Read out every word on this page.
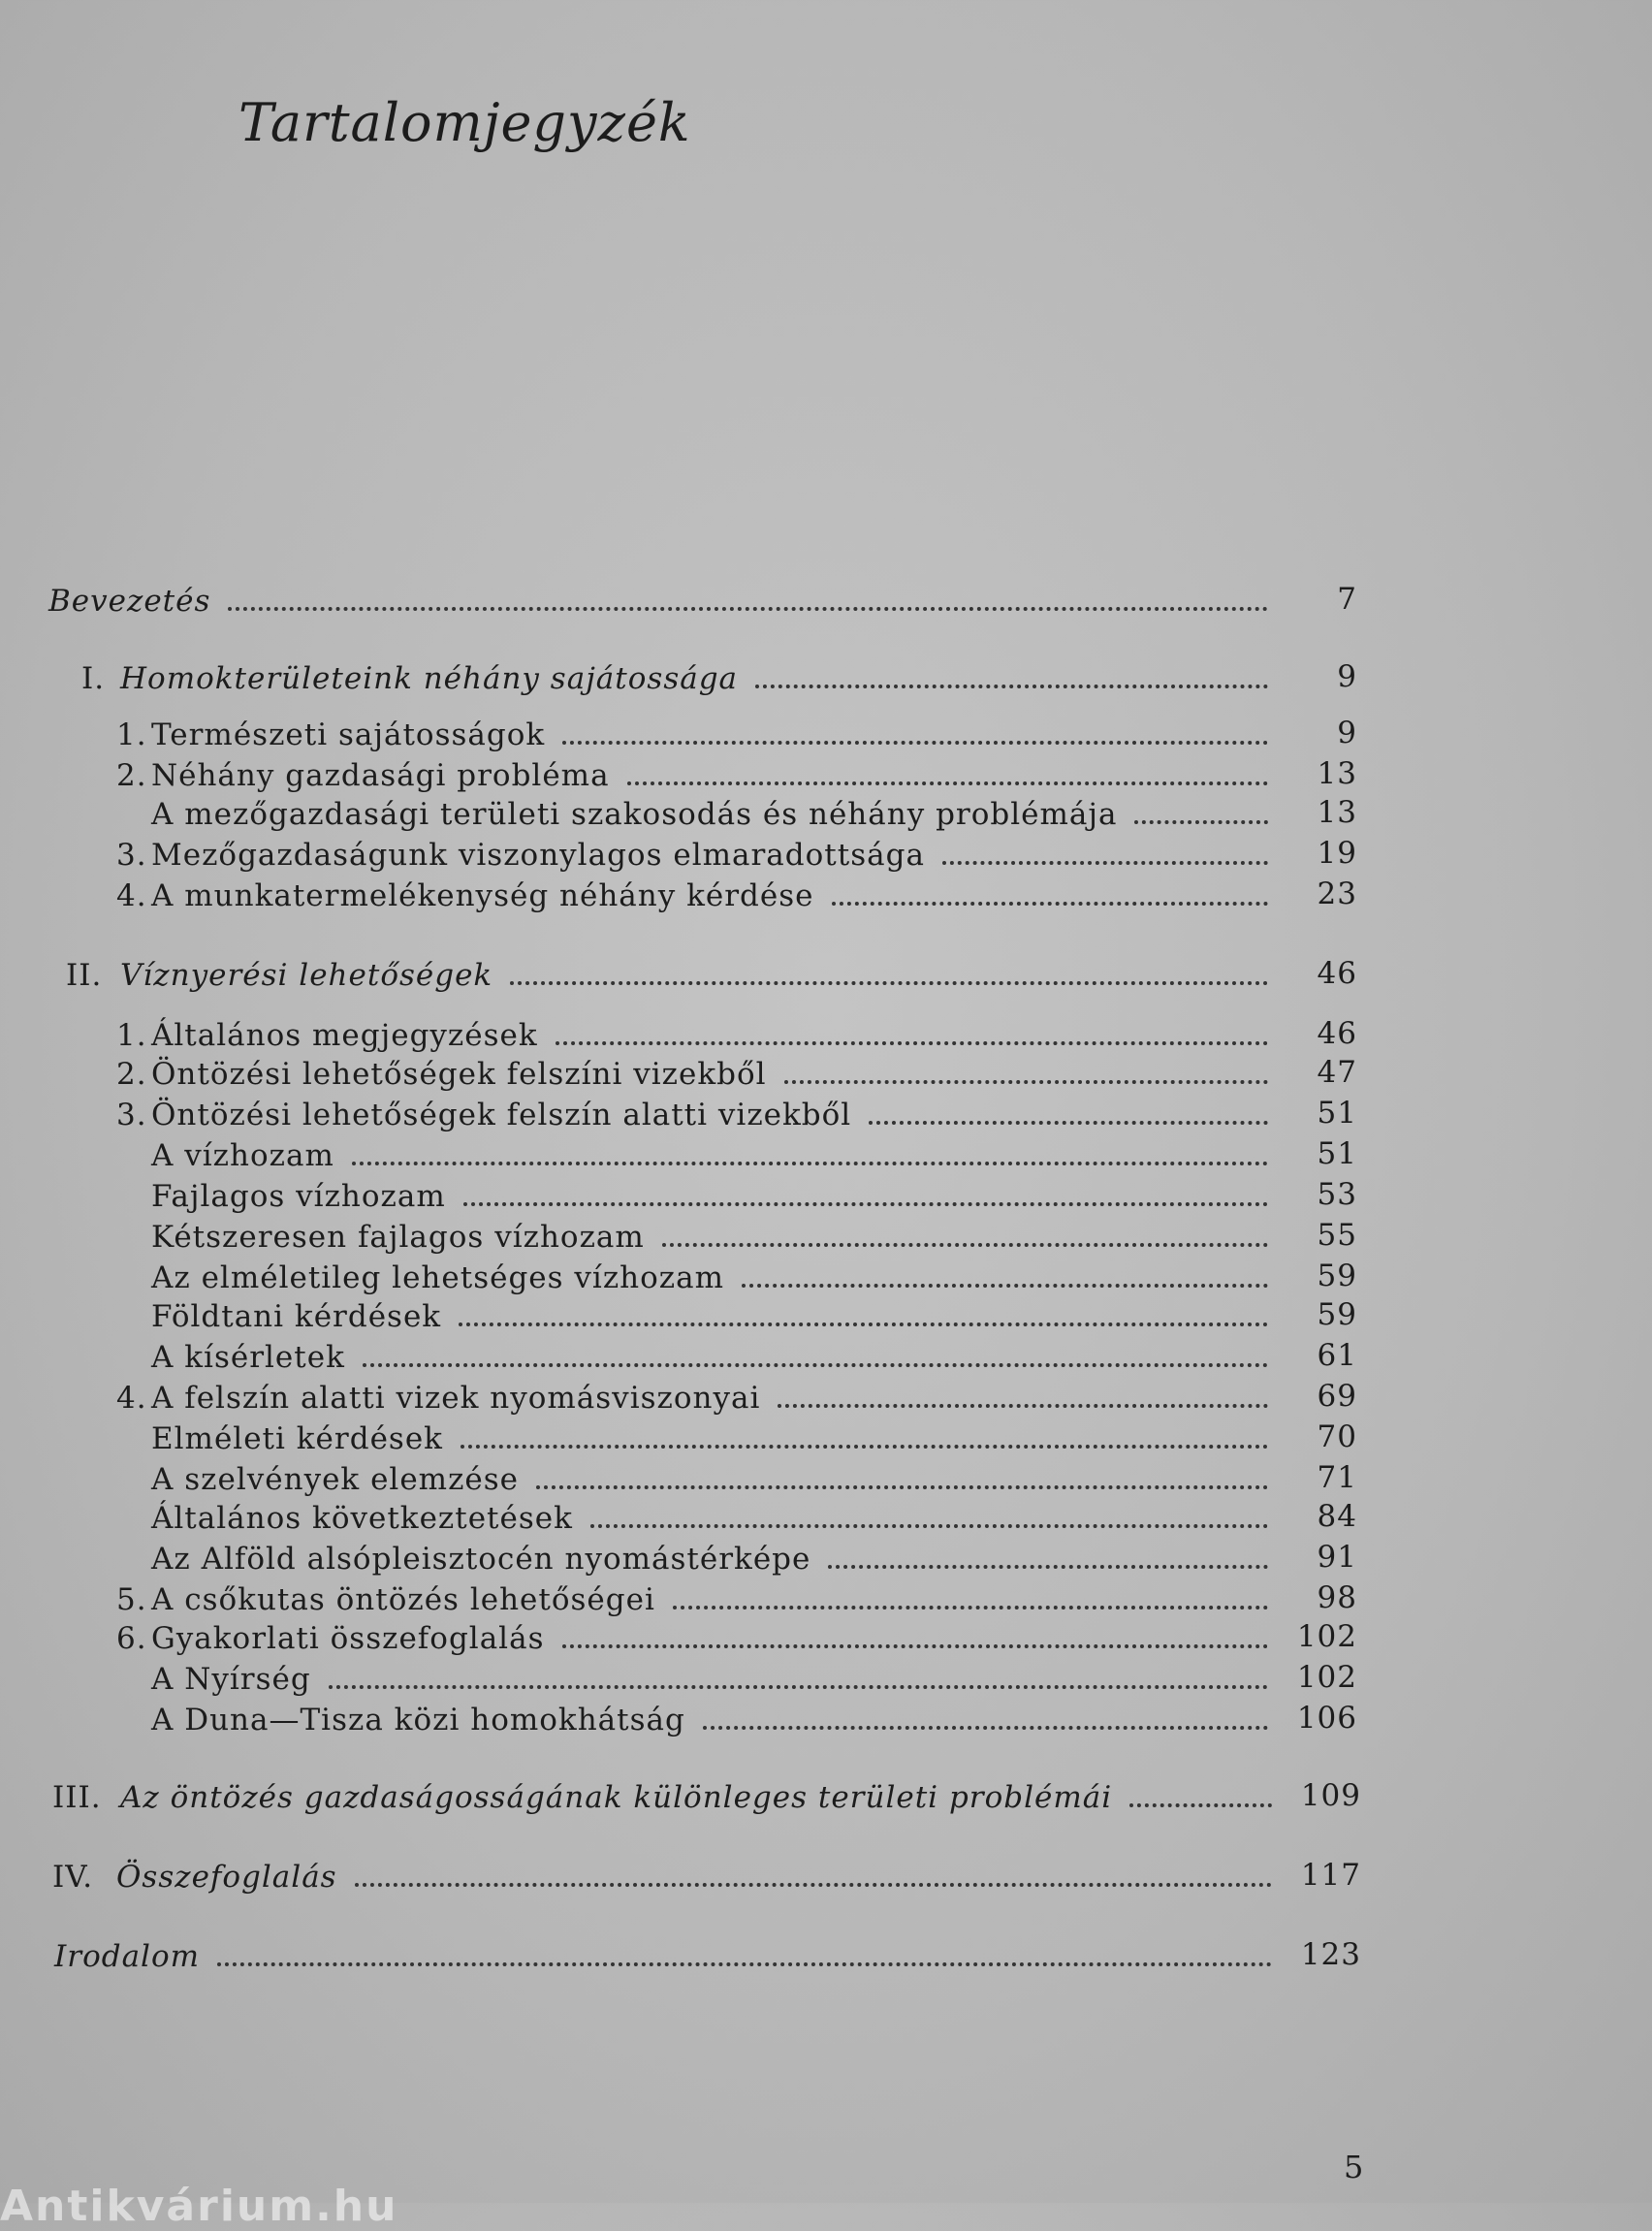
Tartalomjegyzék
Bevezetés	7
I. Homokterületeink néhány sajátossága	9
1. Természeti sajátosságok	9
2. Néhány gazdasági probléma	13
A mezőgazdasági területi szakosodás és néhány problémája	13
3. Mezőgazdaságunk viszonylagos elmaradottsága	19
4. A munkatermelékenység néhány kérdése	23
II. Víznyerési lehetőségek	46
1. Általános megjegyzések	46
2. Öntözési lehetőségek felszíni vizekből	47
3. Öntözési lehetőségek felszín alatti vizekből	51
A vízhozam	51
Fajlagos vízhozam	53
Kétszeresen fajlagos vízhozam	55
Az elméletileg lehetséges vízhozam	59
Földtani kérdések	59
A kísérletek	61
4. A felszín alatti vizek nyomásviszonyai	69
Elméleti kérdések	70
A szelvények elemzése	71
Általános következtetések	84
Az Alföld alsópleisztocén nyomástérképe	91
5. A csőkutas öntözés lehetőségei	98
6. Gyakorlati összefoglalás	102
A Nyírség	102
A Duna—Tisza közi homokhátság	106
III. Az öntözés gazdaságosságának különleges területi problémái	109
IV. Összefoglalás	117
Irodalom	123
5
Antikvárium.hu
